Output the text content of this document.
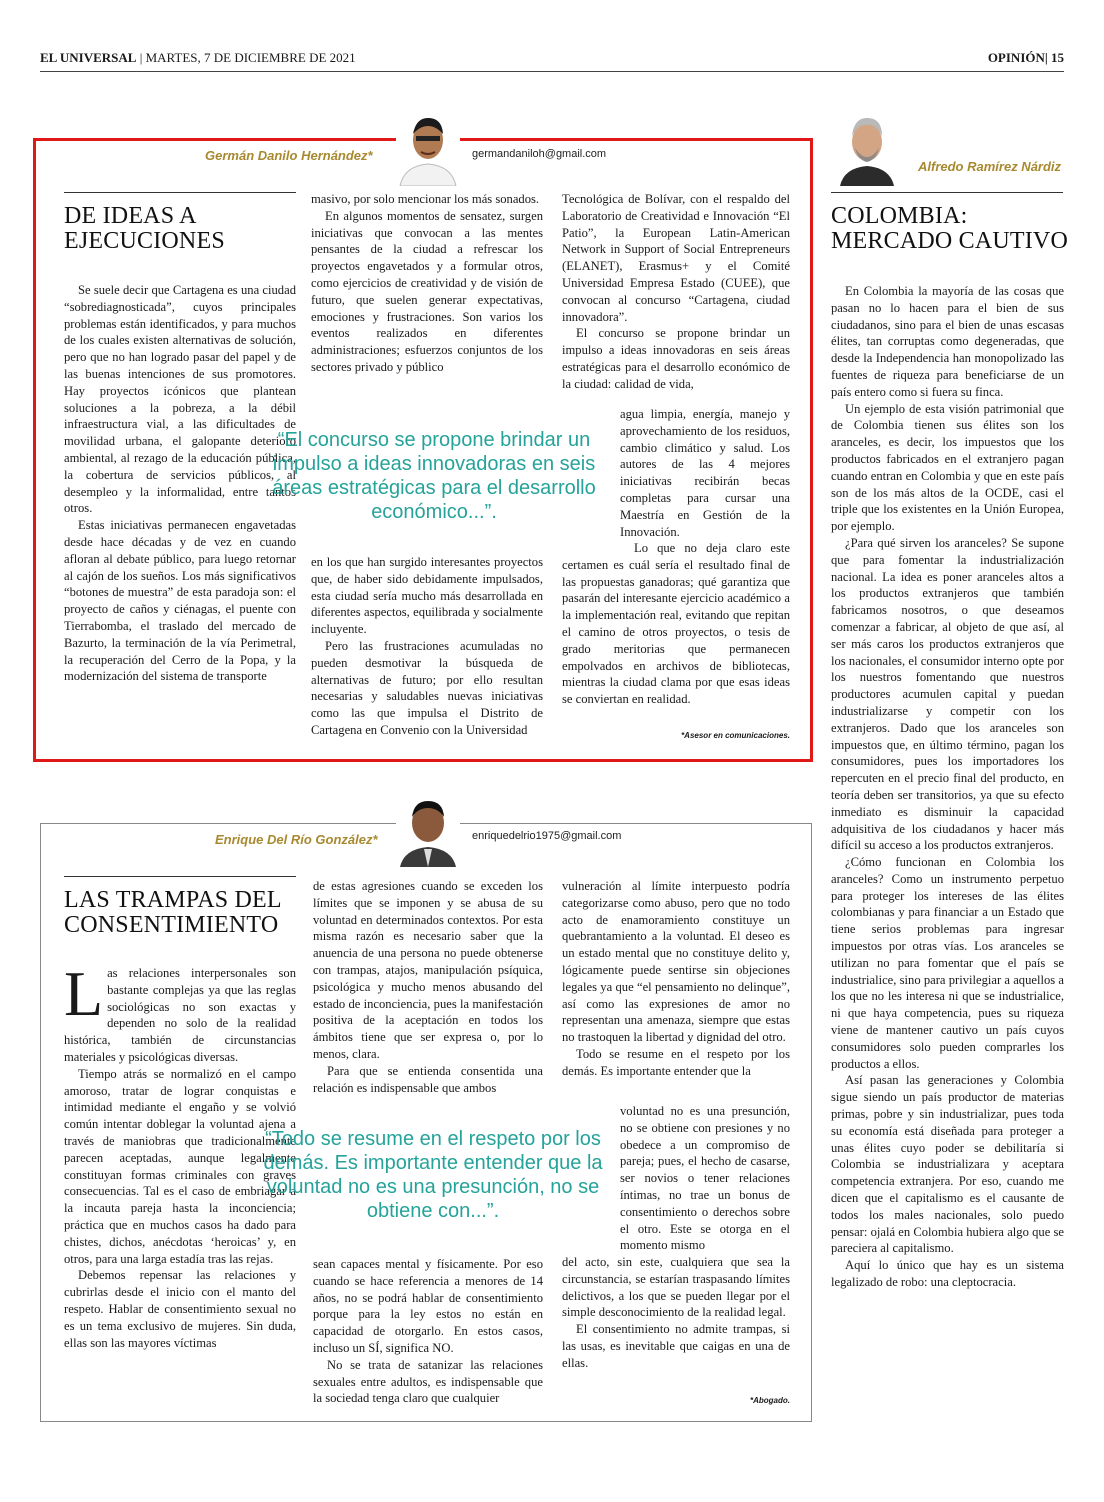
EL UNIVERSAL | MARTES, 7 DE DICIEMBRE DE 2021	OPINIÓN| 15
Germán Danilo Hernández*	germandaniloh@gmail.com
DE IDEAS A
EJECUCIONES

Se suele decir que Cartagena es una ciudad “sobrediagnosticada”, cuyos principales problemas están identificados, y para muchos de los cuales existen alternativas de solución, pero que no han logrado pasar del papel y de las buenas intenciones de sus promotores. Hay proyectos icónicos que plantean soluciones a la pobreza, a la débil infraestructura vial, a las dificultades de movilidad urbana, el galopante deterioro ambiental, al rezago de la educación pública, la cobertura de servicios públicos, al desempleo y la informalidad, entre tantos otros.

Estas iniciativas permanecen engavetadas desde hace décadas y de vez en cuando afloran al debate público, para luego retornar al cajón de los sueños. Los más significativos “botones de muestra” de esta paradoja son: el proyecto de caños y ciénagas, el puente con Tierrabomba, el traslado del mercado de Bazurto, la terminación de la vía Perimetral, la recuperación del Cerro de la Popa, y la modernización del sistema de transporte

masivo, por solo mencionar los más sonados.

En algunos momentos de sensatez, surgen iniciativas que convocan a las mentes pensantes de la ciudad a refrescar los proyectos engavetados y a formular otros, como ejercicios de creatividad y de visión de futuro, que suelen generar expectativas, emociones y frustraciones. Son varios los eventos realizados en diferentes administraciones; esfuerzos conjuntos de los sectores privado y público

en los que han surgido interesantes proyectos que, de haber sido debidamente impulsados, esta ciudad sería mucho más desarrollada en diferentes aspectos, equilibrada y socialmente incluyente.

Pero las frustraciones acumuladas no pueden desmotivar la búsqueda de alternativas de futuro; por ello resultan necesarias y saludables nuevas iniciativas como las que impulsa el Distrito de Cartagena en Convenio con la Universidad

Tecnológica de Bolívar, con el respaldo del Laboratorio de Creatividad e Innovación “El Patio”, la European Latin-American Network in Support of Social Entrepreneurs (ELANET), Erasmus+ y el Comité Universidad Empresa Estado (CUEE), que convocan al concurso “Cartagena, ciudad innovadora”.

El concurso se propone brindar un impulso a ideas innovadoras en seis áreas estratégicas para el desarrollo económico de la ciudad: calidad de vida,

agua limpia, energía, manejo y aprovechamiento de los residuos, cambio climático y salud. Los autores de las 4 mejores iniciativas recibirán becas completas para cursar una Maestría en Gestión de la Innovación.

Lo que no deja claro este certamen es cuál sería el resultado final de las propuestas ganadoras; qué garantiza que pasarán del interesante ejercicio académico a la implementación real, evitando que repitan el camino de otros proyectos, o tesis de grado meritorias que permanecen empolvados en archivos de bibliotecas, mientras la ciudad clama por que esas ideas se conviertan en realidad.

“El concurso se propone brindar un impulso a ideas innovadoras en seis áreas estratégicas para el desarrollo económico...”.
*Asesor en comunicaciones.
Alfredo Ramírez Nárdiz
COLOMBIA:
MERCADO CAUTIVO

En Colombia la mayoría de las cosas que pasan no lo hacen para el bien de sus ciudadanos, sino para el bien de unas escasas élites, tan corruptas como degeneradas, que desde la Independencia han monopolizado las fuentes de riqueza para beneficiarse de un país entero como si fuera su finca.

Un ejemplo de esta visión patrimonial que de Colombia tienen sus élites son los aranceles, es decir, los impuestos que los productos fabricados en el extranjero pagan cuando entran en Colombia y que en este país son de los más altos de la OCDE, casi el triple que los existentes en la Unión Europea, por ejemplo.

¿Para qué sirven los aranceles? Se supone que para fomentar la industrialización nacional. La idea es poner aranceles altos a los productos extranjeros que también fabricamos nosotros, o que deseamos comenzar a fabricar, al objeto de que así, al ser más caros los productos extranjeros que los nacionales, el consumidor interno opte por los nuestros fomentando que nuestros productores acumulen capital y puedan industrializarse y competir con los extranjeros. Dado que los aranceles son impuestos que, en último término, pagan los consumidores, pues los importadores los repercuten en el precio final del producto, en teoría deben ser transitorios, ya que su efecto inmediato es disminuir la capacidad adquisitiva de los ciudadanos y hacer más difícil su acceso a los productos extranjeros.

¿Cómo funcionan en Colombia los aranceles? Como un instrumento perpetuo para proteger los intereses de las élites colombianas y para financiar a un Estado que tiene serios problemas para ingresar impuestos por otras vías. Los aranceles se utilizan no para fomentar que el país se industrialice, sino para privilegiar a aquellos a los que no les interesa ni que se industrialice, ni que haya competencia, pues su riqueza viene de mantener cautivo un país cuyos consumidores solo pueden comprarles los productos a ellos.

Así pasan las generaciones y Colombia sigue siendo un país productor de materias primas, pobre y sin industrializar, pues toda su economía está diseñada para proteger a unas élites cuyo poder se debilitaría si Colombia se industrializara y aceptara competencia extranjera. Por eso, cuando me dicen que el capitalismo es el causante de todos los males nacionales, solo puedo pensar: ojalá en Colombia hubiera algo que se pareciera al capitalismo.

Aquí lo único que hay es un sistema legalizado de robo: una cleptocracia.

Enrique Del Río González*	enriquedelrio1975@gmail.com
LAS TRAMPAS DEL
CONSENTIMIENTO

Las relaciones interpersonales son bastante complejas ya que las reglas sociológicas no son exactas y dependen no solo de la realidad histórica, también de circunstancias materiales y psicológicas diversas.

Tiempo atrás se normalizó en el campo amoroso, tratar de lograr conquistas e intimidad mediante el engaño y se volvió común intentar doblegar la voluntad ajena a través de maniobras que tradicionalmente parecen aceptadas, aunque legalmente constituyan formas criminales con graves consecuencias. Tal es el caso de embriagar a la incauta pareja hasta la inconciencia; práctica que en muchos casos ha dado para chistes, dichos, anécdotas ‘heroicas’ y, en otros, para una larga estadía tras las rejas.

Debemos repensar las relaciones y cubrirlas desde el inicio con el manto del respeto. Hablar de consentimiento sexual no es un tema exclusivo de mujeres. Sin duda, ellas son las mayores víctimas

de estas agresiones cuando se exceden los límites que se imponen y se abusa de su voluntad en determinados contextos. Por esta misma razón es necesario saber que la anuencia de una persona no puede obtenerse con trampas, atajos, manipulación psíquica, psicológica y mucho menos abusando del estado de inconciencia, pues la manifestación positiva de la aceptación en todos los ámbitos tiene que ser expresa o, por lo menos, clara.

Para que se entienda consentida una relación es indispensable que ambos

sean capaces mental y físicamente. Por eso cuando se hace referencia a menores de 14 años, no se podrá hablar de consentimiento porque para la ley estos no están en capacidad de otorgarlo. En estos casos, incluso un SÍ, significa NO.

No se trata de satanizar las relaciones sexuales entre adultos, es indispensable que la sociedad tenga claro que cualquier

vulneración al límite interpuesto podría categorizarse como abuso, pero que no todo acto de enamoramiento constituye un quebrantamiento a la voluntad. El deseo es un estado mental que no constituye delito y, lógicamente puede sentirse sin objeciones legales ya que “el pensamiento no delinque”, así como las expresiones de amor no representan una amenaza, siempre que estas no trastoquen la libertad y dignidad del otro.

Todo se resume en el respeto por los demás. Es importante entender que la

voluntad no es una presunción, no se obtiene con presiones y no obedece a un compromiso de pareja; pues, el hecho de casarse, ser novios o tener relaciones íntimas, no trae un bonus de consentimiento o derechos sobre el otro. Este se otorga en el momento mismo

del acto, sin este, cualquiera que sea la circunstancia, se estarían traspasando límites delictivos, a los que se pueden llegar por el simple desconocimiento de la realidad legal.

El consentimiento no admite trampas, si las usas, es inevitable que caigas en una de ellas.

“Todo se resume en el respeto por los demás. Es importante entender que la voluntad no es una presunción, no se obtiene con...”.
*Abogado.
